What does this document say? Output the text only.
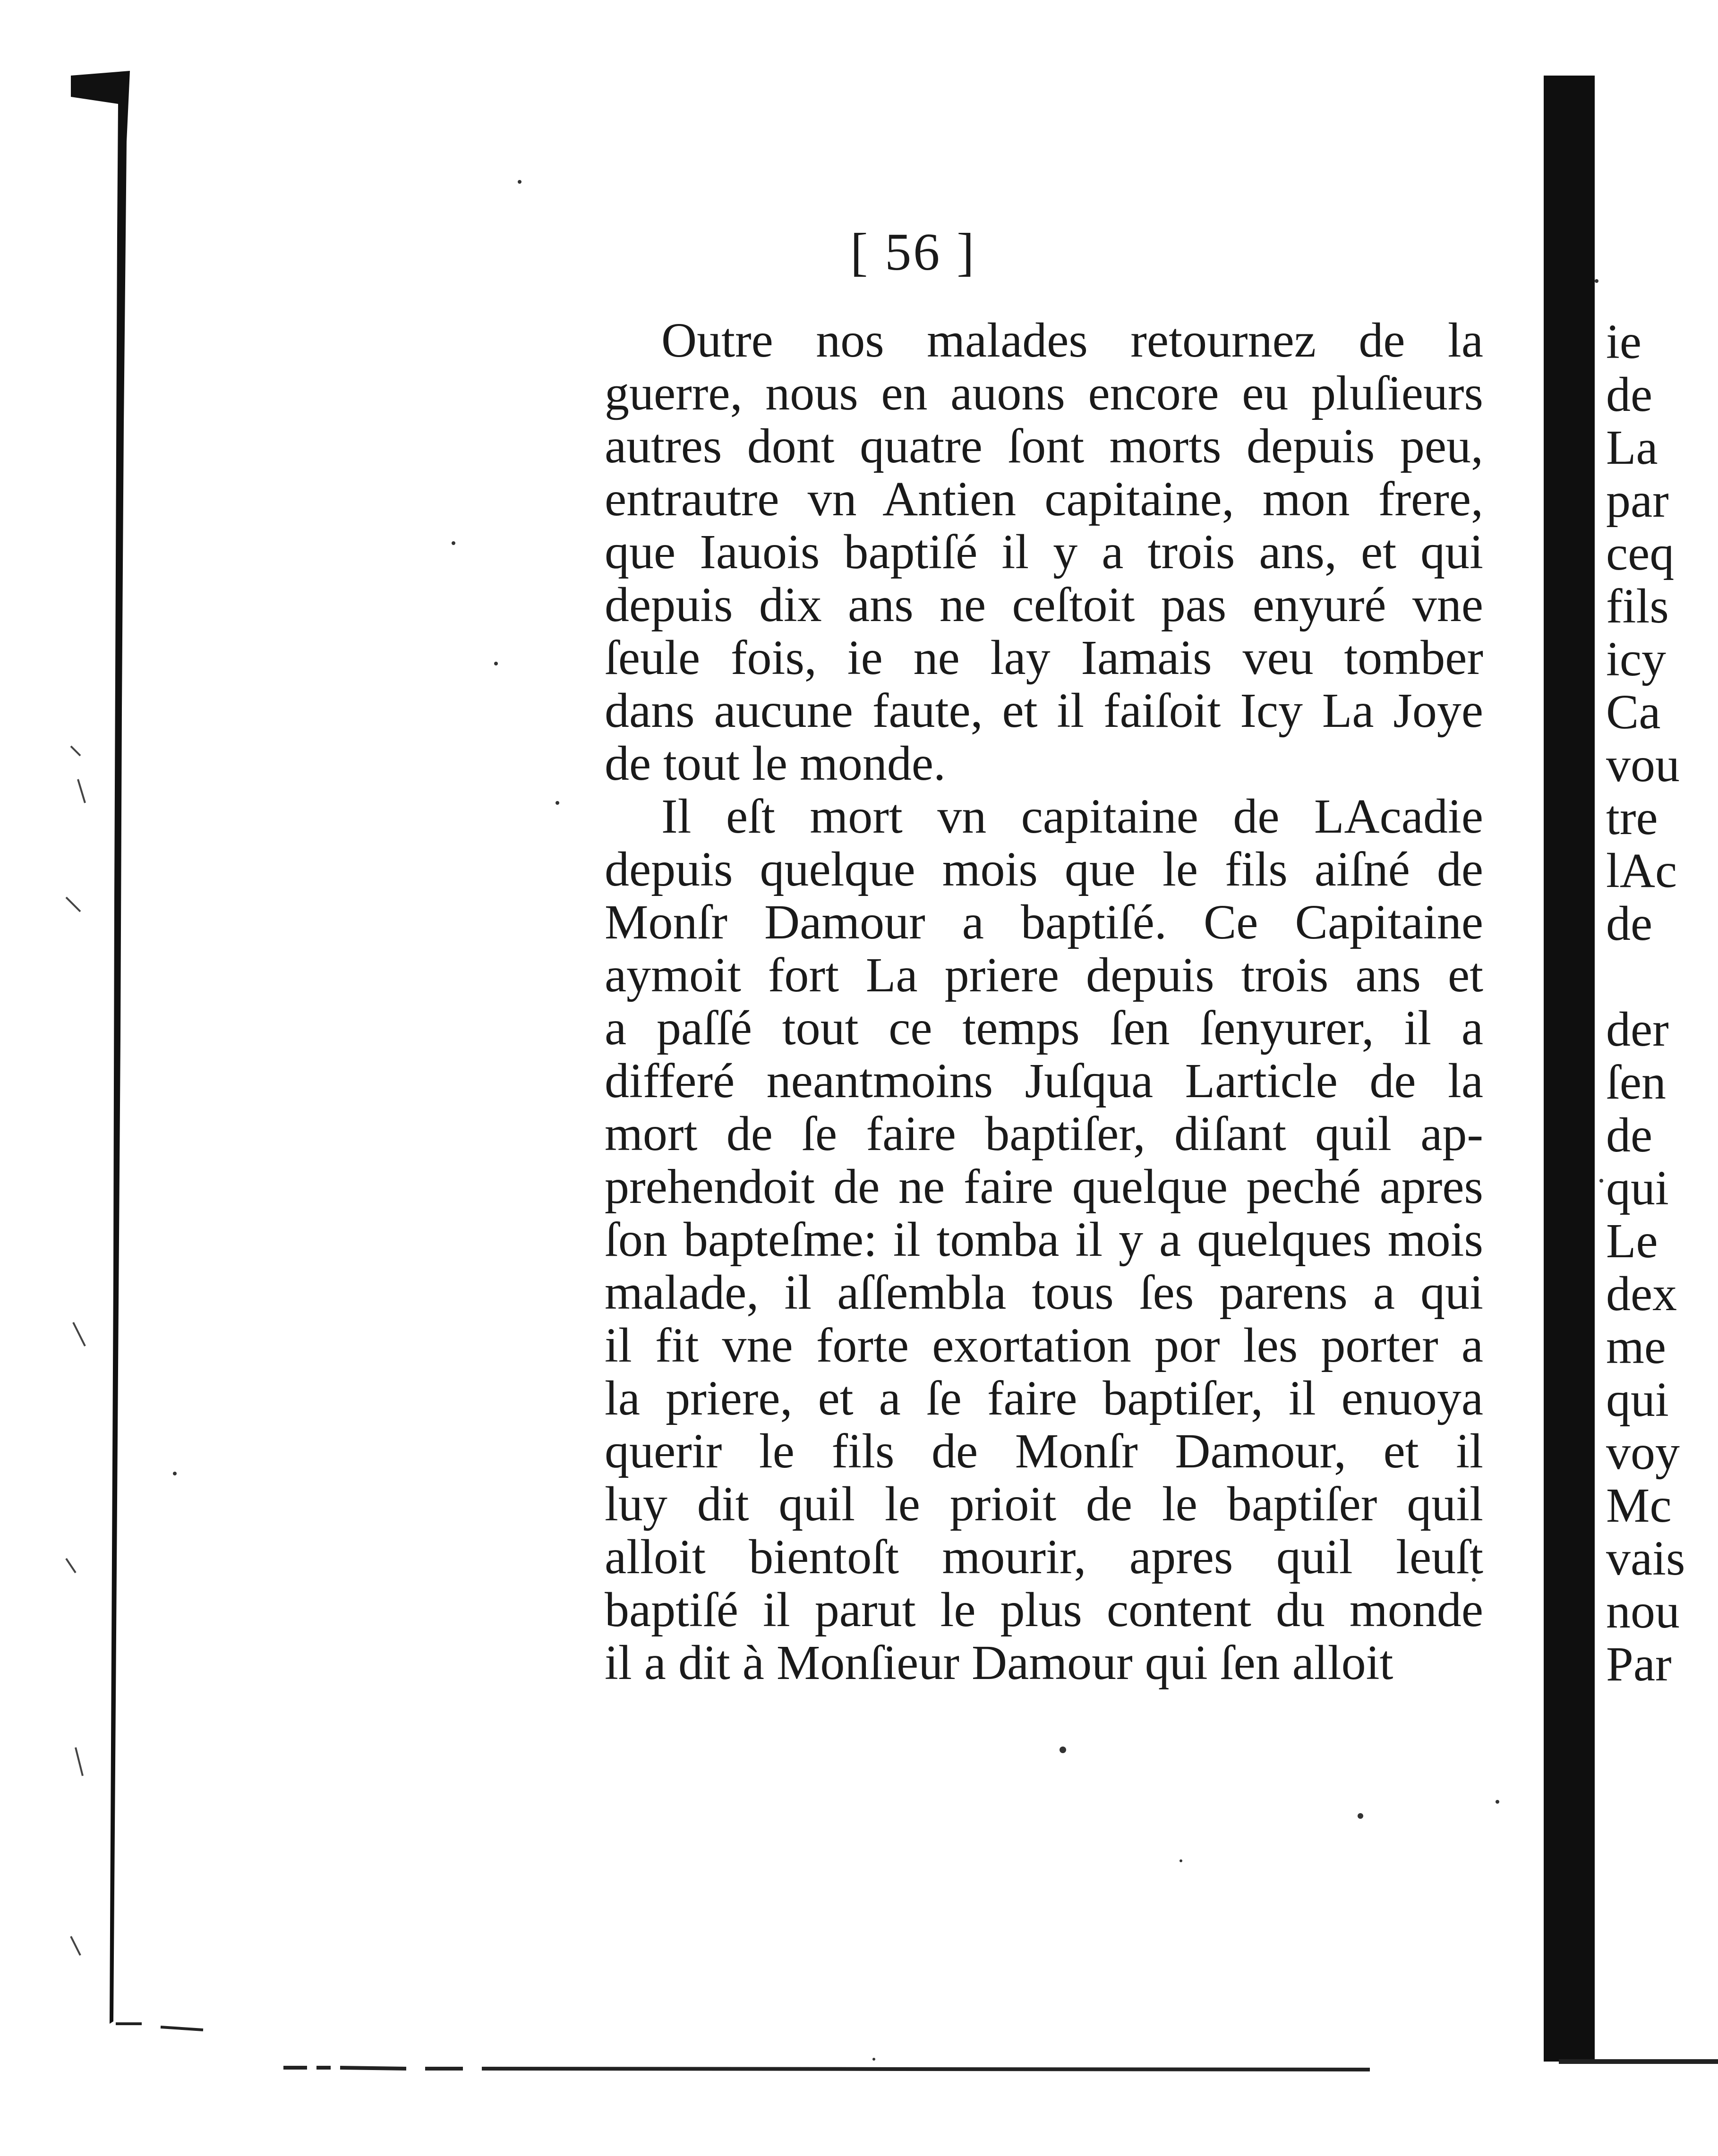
[ 56 ]
Outre nos malades retournez de la
guerre, nous en auons encore eu pluſieurs
autres dont quatre ſont morts depuis peu,
entrautre vn Antien capitaine, mon frere,
que Iauois baptiſé il y a trois ans, et qui
depuis dix ans ne ceſtoit pas enyuré vne
ſeule fois, ie ne lay Iamais veu tomber
dans aucune faute, et il faiſoit Icy La Joye
de tout le monde.
Il eſt mort vn capitaine de LAcadie
depuis quelque mois que le fils aiſné de
Monſr Damour a baptiſé. Ce Capitaine
aymoit fort La priere depuis trois ans et
a paſſé tout ce temps ſen ſenyurer, il a
differé neantmoins Juſqua Larticle de la
mort de ſe faire baptiſer, diſant quil ap-
prehendoit de ne faire quelque peché apres
ſon bapteſme: il tomba il y a quelques mois
malade, il aſſembla tous ſes parens a qui
il fit vne forte exortation por les porter a
la priere, et a ſe faire baptiſer, il enuoya
querir le fils de Monſr Damour, et il
luy dit quil le prioit de le baptiſer quil
alloit bientoſt mourir, apres quil leuſt
baptiſé il parut le plus content du monde
il a dit à Monſieur Damour qui ſen alloit
ie
de
La
par
ceq
fils
icy
Ca
vou
tre
lAc
de
der
ſen
de
qui
Le
dex
me
qui
voy
Mc
vais
nou
Par
